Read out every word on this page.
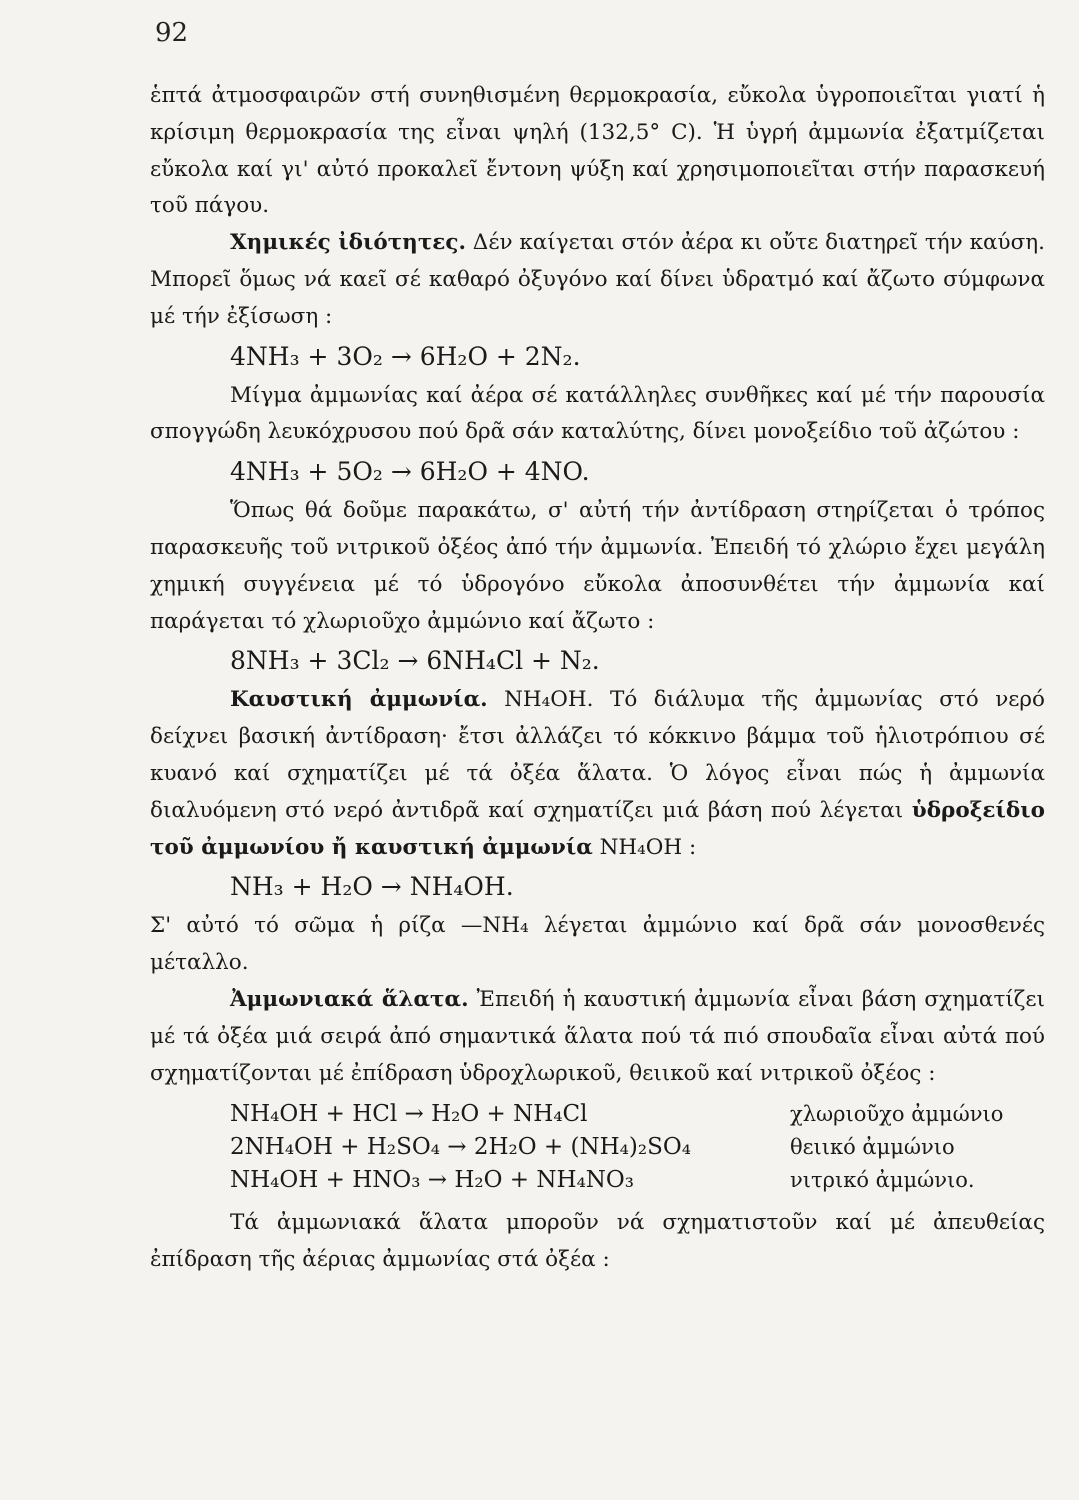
92

ἑπτά ἀτμοσφαιρῶν στή συνηθισμένη θερμοκρασία, εὔκολα ὑγροποιεῖται γιατί ἡ κρίσιμη θερμοκρασία της εἶναι ψηλή (132,5° C). Ἡ ὑγρή ἀμμωνία ἐξατμίζεται εὔκολα καί γι' αὐτό προκαλεῖ ἔντονη ψύξη καί χρησιμοποιεῖται στήν παρασκευή τοῦ πάγου.

Χημικές ἰδιότητες. Δέν καίγεται στόν ἀέρα κι οὔτε διατηρεῖ τήν καύση. Μπορεῖ ὅμως νά καεῖ σέ καθαρό ὀξυγόνο καί δίνει ὑδρατμό καί ἄζωτο σύμφωνα μέ τήν ἐξίσωση :

4NH₃ + 3O₂ → 6H₂O + 2N₂.

Μίγμα ἀμμωνίας καί ἀέρα σέ κατάλληλες συνθῆκες καί μέ τήν παρουσία σπογγώδη λευκόχρυσου πού δρᾶ σάν καταλύτης, δίνει μονοξείδιο τοῦ ἀζώτου :

4NH₃ + 5O₂ → 6H₂O + 4NO.

Ὅπως θά δοῦμε παρακάτω, σ' αὐτή τήν ἀντίδραση στηρίζεται ὁ τρόπος παρασκευῆς τοῦ νιτρικοῦ ὀξέος ἀπό τήν ἀμμωνία. Ἐπειδή τό χλώριο ἔχει μεγάλη χημική συγγένεια μέ τό ὑδρογόνο εὔκολα ἀποσυνθέτει τήν ἀμμωνία καί παράγεται τό χλωριοῦχο ἀμμώνιο καί ἄζωτο :

8NH₃ + 3Cl₂ → 6NH₄Cl + N₂.

Καυστική ἀμμωνία. NH₄OH. Τό διάλυμα τῆς ἀμμωνίας στό νερό δείχνει βασική ἀντίδραση· ἔτσι ἀλλάζει τό κόκκινο βάμμα τοῦ ἡλιοτρόπιου σέ κυανό καί σχηματίζει μέ τά ὀξέα ἅλατα. Ὁ λόγος εἶναι πώς ἡ ἀμμωνία διαλυόμενη στό νερό ἀντιδρᾶ καί σχηματίζει μιά βάση πού λέγεται ὑδροξείδιο τοῦ ἀμμωνίου ἤ καυστική ἀμμωνία NH₄OH :

NH₃ + H₂O → NH₄OH.

Σ' αὐτό τό σῶμα ἡ ρίζα —NH₄ λέγεται ἀμμώνιο καί δρᾶ σάν μονοσθενές μέταλλο.

Ἀμμωνιακά ἅλατα. Ἐπειδή ἡ καυστική ἀμμωνία εἶναι βάση σχηματίζει μέ τά ὀξέα μιά σειρά ἀπό σημαντικά ἅλατα πού τά πιό σπουδαῖα εἶναι αὐτά πού σχηματίζονται μέ ἐπίδραση ὑδροχλωρικοῦ, θειικοῦ καί νιτρικοῦ ὀξέος :

NH₄OH + HCl → H₂O + NH₄Cl	χλωριοῦχο ἀμμώνιο
2NH₄OH + H₂SO₄ → 2H₂O + (NH₄)₂SO₄	θειικό ἀμμώνιο
NH₄OH + HNO₃ → H₂O + NH₄NO₃	νιτρικό ἀμμώνιο.

Τά ἀμμωνιακά ἅλατα μποροῦν νά σχηματιστοῦν καί μέ ἀπευθείας ἐπίδραση τῆς ἀέριας ἀμμωνίας στά ὀξέα :
